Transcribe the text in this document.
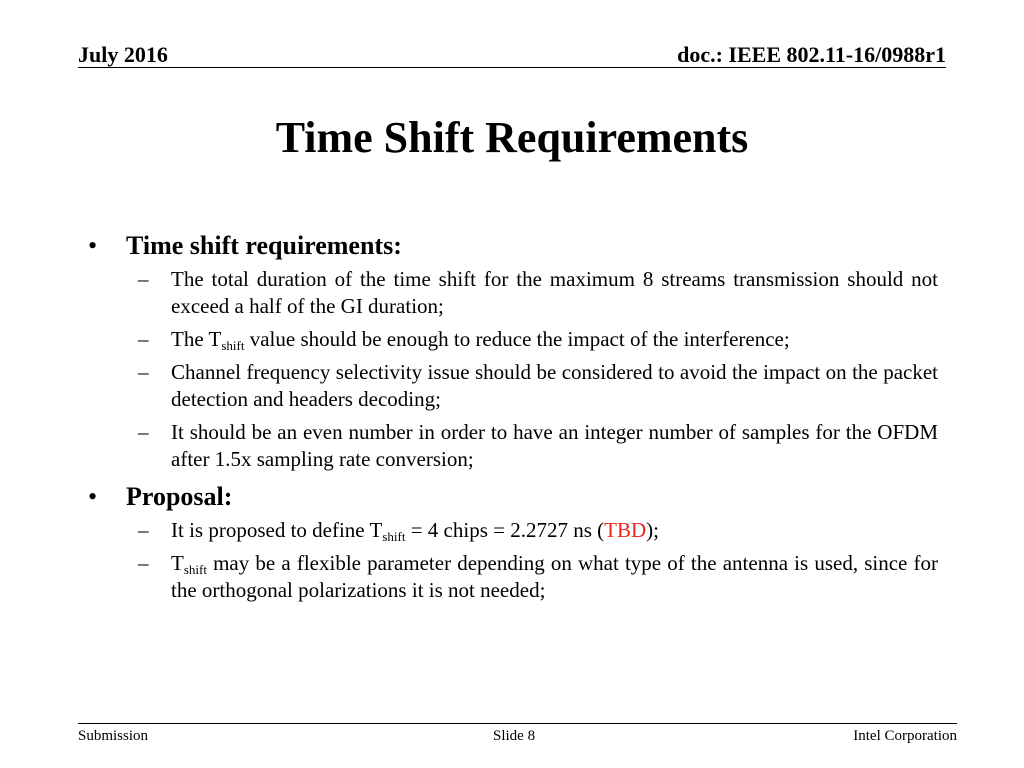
July 2016	doc.: IEEE 802.11-16/0988r1
Time Shift Requirements
• Time shift requirements:
– The total duration of the time shift for the maximum 8 streams transmission should not exceed a half of the GI duration;
– The $T_{shift}$ value should be enough to reduce the impact of the interference;
– Channel frequency selectivity issue should be considered to avoid the impact on the packet detection and headers decoding;
– It should be an even number in order to have an integer number of samples for the OFDM after 1.5x sampling rate conversion;
• Proposal:
– It is proposed to define $T_{shift} = 4$ chips = 2.2727 ns (TBD);
– $T_{shift}$ may be a flexible parameter depending on what type of the antenna is used, since for the orthogonal polarizations it is not needed;
Submission	Slide 8	Intel Corporation
